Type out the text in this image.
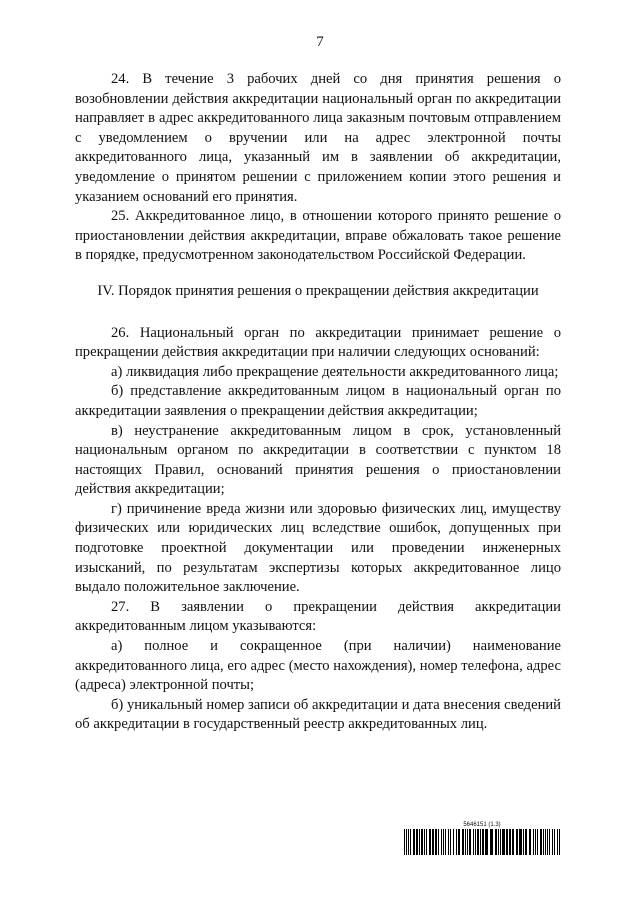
7

24. В течение 3 рабочих дней со дня принятия решения о возобновлении действия аккредитации национальный орган по аккредитации направляет в адрес аккредитованного лица заказным почтовым отправлением с уведомлением о вручении или на адрес электронной почты аккредитованного лица, указанный им в заявлении об аккредитации, уведомление о принятом решении с приложением копии этого решения и указанием оснований его принятия.

25. Аккредитованное лицо, в отношении которого принято решение о приостановлении действия аккредитации, вправе обжаловать такое решение в порядке, предусмотренном законодательством Российской Федерации.

IV. Порядок принятия решения о прекращении действия аккредитации

26. Национальный орган по аккредитации принимает решение о прекращении действия аккредитации при наличии следующих оснований:

а) ликвидация либо прекращение деятельности аккредитованного лица;

б) представление аккредитованным лицом в национальный орган по аккредитации заявления о прекращении действия аккредитации;

в) неустранение аккредитованным лицом в срок, установленный национальным органом по аккредитации в соответствии с пунктом 18 настоящих Правил, оснований принятия решения о приостановлении действия аккредитации;

г) причинение вреда жизни или здоровью физических лиц, имуществу физических или юридических лиц вследствие ошибок, допущенных при подготовке проектной документации или проведении инженерных изысканий, по результатам экспертизы которых аккредитованное лицо выдало положительное заключение.

27. В заявлении о прекращении действия аккредитации аккредитованным лицом указываются:

а) полное и сокращенное (при наличии) наименование аккредитованного лица, его адрес (место нахождения), номер телефона, адрес (адреса) электронной почты;

б) уникальный номер записи об аккредитации и дата внесения сведений об аккредитации в государственный реестр аккредитованных лиц.

5646151 (1.3)
